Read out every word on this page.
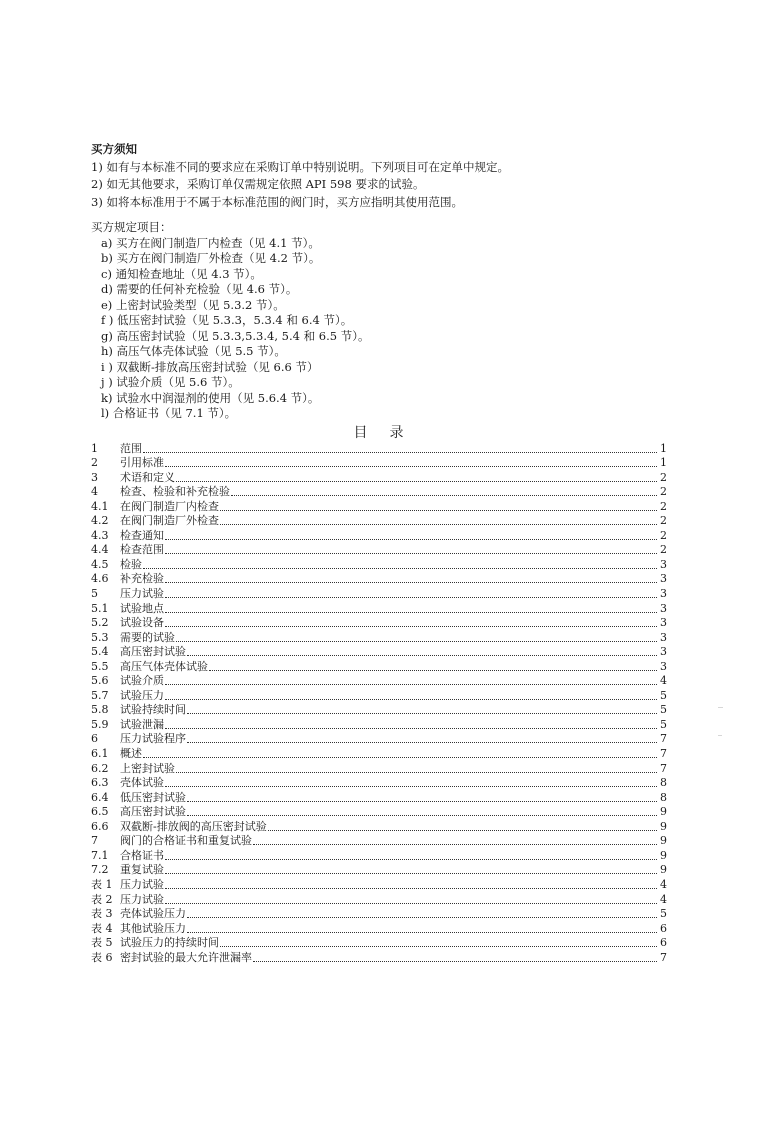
买方须知
1) 如有与本标准不同的要求应在采购订单中特别说明。下列项目可在定单中规定。
2) 如无其他要求，采购订单仅需规定依照 API 598 要求的试验。
3) 如将本标准用于不属于本标准范围的阀门时，买方应指明其使用范围。
买方规定项目：
a) 买方在阀门制造厂内检查（见 4.1 节）。
b) 买方在阀门制造厂外检查（见 4.2 节）。
c) 通知检查地址（见 4.3 节）。
d) 需要的任何补充检验（见 4.6 节）。
e) 上密封试验类型（见 5.3.2 节）。
f ) 低压密封试验（见 5.3.3，5.3.4 和 6.4 节）。
g) 高压密封试验（见 5.3.3,5.3.4, 5.4 和 6.5 节）。
h) 高压气体壳体试验（见 5.5 节）。
i ) 双截断-排放高压密封试验（见 6.6 节）
j ) 试验介质（见 5.6 节）。
k) 试验水中润湿剂的使用（见 5.6.4 节）。
l) 合格证书（见 7.1 节）。
目录
1	范围	1
2	引用标准	1
3	术语和定义	2
4	检查、检验和补充检验	2
4.1	在阀门制造厂内检查	2
4.2	在阀门制造厂外检查	2
4.3	检查通知	2
4.4	检查范围	2
4.5	检验	3
4.6	补充检验	3
5	压力试验	3
5.1	试验地点	3
5.2	试验设备	3
5.3	需要的试验	3
5.4	高压密封试验	3
5.5	高压气体壳体试验	3
5.6	试验介质	4
5.7	试验压力	5
5.8	试验持续时间	5
5.9	试验泄漏	5
6	压力试验程序	7
6.1	概述	7
6.2	上密封试验	7
6.3	壳体试验	8
6.4	低压密封试验	8
6.5	高压密封试验	9
6.6	双截断-排放阀的高压密封试验	9
7	阀门的合格证书和重复试验	9
7.1	合格证书	9
7.2	重复试验	9
表 1 压力试验	4
表 2 压力试验	4
表 3 壳体试验压力	5
表 4 其他试验压力	6
表 5 试验压力的持续时间	6
表 6 密封试验的最大允许泄漏率	7
